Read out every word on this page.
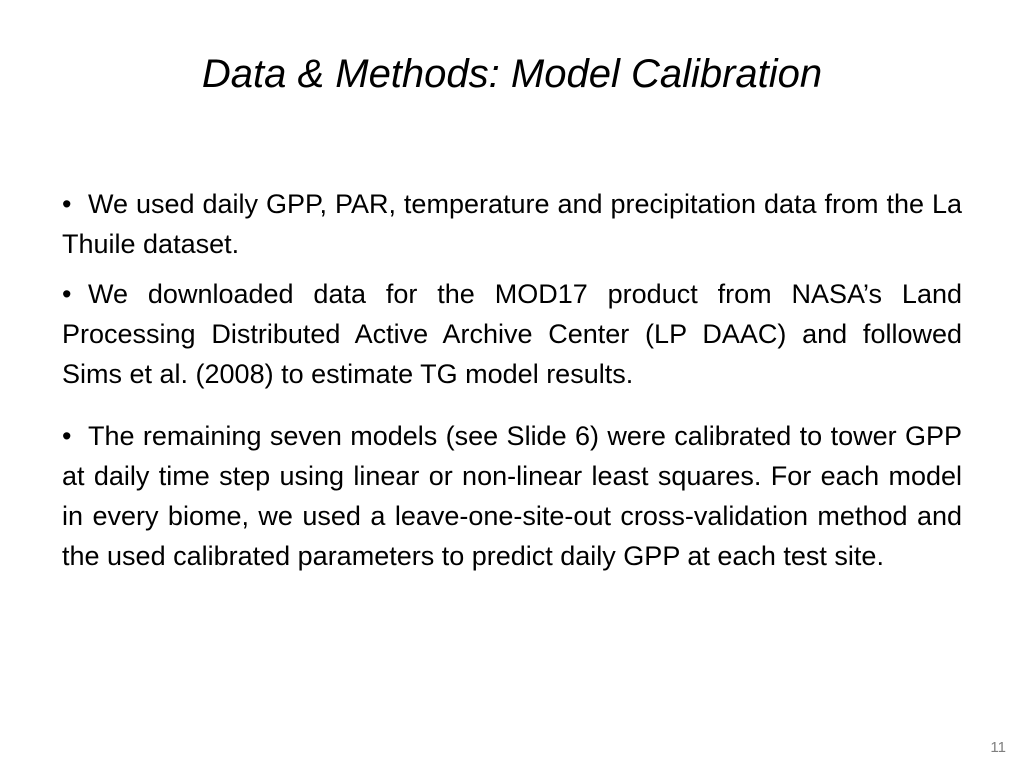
Data & Methods: Model Calibration
• We used daily GPP, PAR, temperature and precipitation data from the La Thuile dataset.
• We downloaded data for the MOD17 product from NASA’s Land Processing Distributed Active Archive Center (LP DAAC) and followed Sims et al. (2008) to estimate TG model results.
• The remaining seven models (see Slide 6) were calibrated to tower GPP at daily time step using linear or non-linear least squares. For each model in every biome, we used a leave-one-site-out cross-validation method and the used calibrated parameters to predict daily GPP at each test site.
11
